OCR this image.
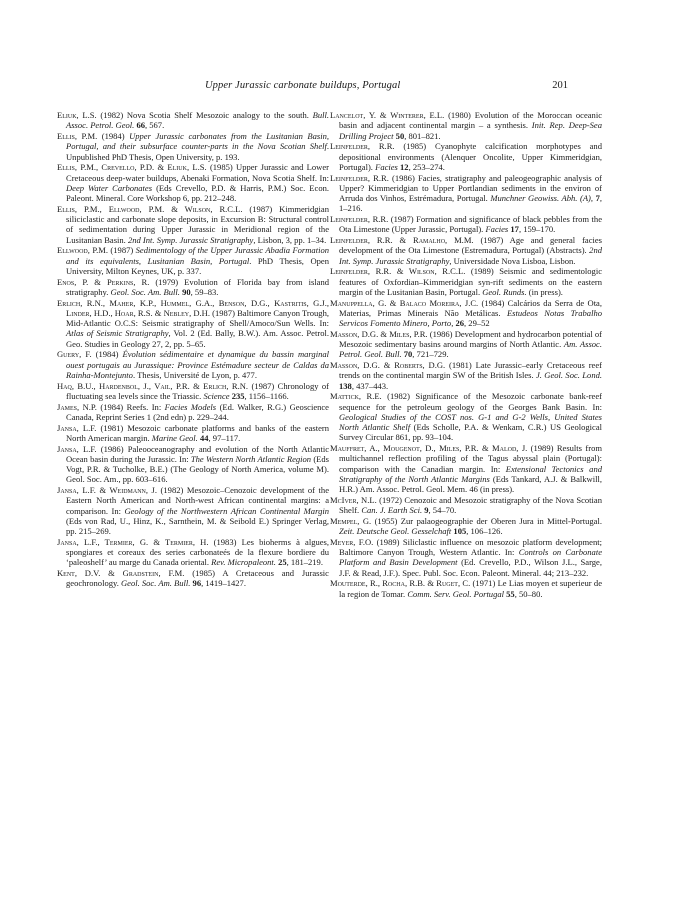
Upper Jurassic carbonate buildups, Portugal	201
Eliuk, L.S. (1982) Nova Scotia Shelf Mesozoic analogy to the south. Bull. Assoc. Petrol. Geol. 66, 567.
Ellis, P.M. (1984) Upper Jurassic carbonates from the Lusitanian Basin, Portugal, and their subsurface counter-parts in the Nova Scotian Shelf. Unpublished PhD Thesis, Open University, p. 193.
Ellis, P.M., Crevello, P.D. & Eliuk, L.S. (1985) Upper Jurassic and Lower Cretaceous deep-water buildups, Abenaki Formation, Nova Scotia Shelf. In: Deep Water Carbonates (Eds Crevello, P.D. & Harris, P.M.) Soc. Econ. Paleont. Mineral. Core Workshop 6, pp. 212–248.
Ellis, P.M., Ellwood, P.M. & Wilson, R.C.L. (1987) Kimmeridgian siliciclastic and carbonate slope deposits, in Excursion B: Structural control of sedimentation during Upper Jurassic in Meridional region of the Lusitanian Basin. 2nd Int. Symp. Jurassic Stratigraphy, Lisbon, 3, pp. 1–34.
Ellwood, P.M. (1987) Sedimentology of the Upper Jurassic Abadia Formation and its equivalents, Lusitanian Basin, Portugal. PhD Thesis, Open University, Milton Keynes, UK, p. 337.
Enos, P. & Perkins, R. (1979) Evolution of Florida bay from island stratigraphy. Geol. Soc. Am. Bull. 90, 59–83.
Erlich, R.N., Maher, K.P., Hummel, G.A., Benson, D.G., Kastritis, G.J., Linder, H.D., Hoar, R.S. & Nebley, D.H. (1987) Baltimore Canyon Trough, Mid-Atlantic O.C.S: Seismic stratigraphy of Shell/Amoco/Sun Wells. In: Atlas of Seismic Stratigraphy, Vol. 2 (Ed. Bally, B.W.). Am. Assoc. Petrol. Geo. Studies in Geology 27, 2, pp. 5–65.
Guery, F. (1984) Évolution sédimentaire et dynamique du bassin marginal ouest portugais au Jurassique: Province Estémadure secteur de Caldas da Rainha-Montejunto. Thesis, Université de Lyon, p. 477.
Haq, B.U., Hardenbol, J., Vail, P.R. & Erlich, R.N. (1987) Chronology of fluctuating sea levels since the Triassic. Science 235, 1156–1166.
James, N.P. (1984) Reefs. In: Facies Models (Ed. Walker, R.G.) Geoscience Canada, Reprint Series 1 (2nd edn) p. 229–244.
Jansa, L.F. (1981) Mesozoic carbonate platforms and banks of the eastern North American margin. Marine Geol. 44, 97–117.
Jansa, L.F. (1986) Paleooceanography and evolution of the North Atlantic Ocean basin during the Jurassic. In: The Western North Atlantic Region (Eds Vogt, P.R. & Tucholke, B.E.) (The Geology of North America, volume M). Geol. Soc. Am., pp. 603–616.
Jansa, L.F. & Weidmann, J. (1982) Mesozoic–Cenozoic development of the Eastern North American and North-west African continental margins: a comparison. In: Geology of the Northwestern African Continental Margin (Eds von Rad, U., Hinz, K., Sarnthein, M. & Seibold E.) Springer Verlag, pp. 215–269.
Jansa, L.F., Termier, G. & Termier, H. (1983) Les bioherms à algues, spongiares et coreaux des series carbonateés de la flexure bordiere du ‘paleoshelf’ au marge du Canada oriental. Rev. Micropaleont. 25, 181–219.
Kent, D.V. & Gradstein, F.M. (1985) A Cretaceous and Jurassic geochronology. Geol. Soc. Am. Bull. 96, 1419–1427.
Lancelot, Y. & Winterer, E.L. (1980) Evolution of the Moroccan oceanic basin and adjacent continental margin – a synthesis. Init. Rep. Deep-Sea Drilling Project 50, 801–821.
Leinfelder, R.R. (1985) Cyanophyte calcification morphotypes and depositional environments (Alenquer Oncolite, Upper Kimmeridgian, Portugal). Facies 12, 253–274.
Leinfelder, R.R. (1986) Facies, stratigraphy and paleogeographic analysis of Upper? Kimmeridgian to Upper Portlandian sediments in the environ of Arruda dos Vinhos, Estrémadura, Portugal. Munchner Geowiss. Abh. (A), 7, 1–216.
Leinfelder, R.R. (1987) Formation and significance of black pebbles from the Ota Limestone (Upper Jurassic, Portugal). Facies 17, 159–170.
Leinfelder, R.R. & Ramalho, M.M. (1987) Age and general facies development of the Ota Limestone (Estremadura, Portugal) (Abstracts). 2nd Int. Symp. Jurassic Stratigraphy, Universidade Nova Lisboa, Lisbon.
Leinfelder, R.R. & Wilson, R.C.L. (1989) Seismic and sedimentologic features of Oxfordian–Kimmeridgian syn-rift sediments on the eastern margin of the Lusitanian Basin, Portugal. Geol. Runds. (in press).
Manuppella, G. & Balaco Moreira, J.C. (1984) Calcários da Serra de Ota, Materias, Primas Minerais Não Metálicas. Estudeos Notas Trabalho Servicos Fomento Minero, Porto, 26, 29–52
Masson, D.G. & Miles, P.R. (1986) Development and hydrocarbon potential of Mesozoic sedimentary basins around margins of North Atlantic. Am. Assoc. Petrol. Geol. Bull. 70, 721–729.
Masson, D.G. & Roberts, D.G. (1981) Late Jurassic–early Cretaceous reef trends on the continental margin SW of the British Isles. J. Geol. Soc. Lond. 138, 437–443.
Mattick, R.E. (1982) Significance of the Mesozoic carbonate bank-reef sequence for the petroleum geology of the Georges Bank Basin. In: Geological Studies of the COST nos. G-1 and G-2 Wells, United States North Atlantic Shelf (Eds Scholle, P.A. & Wenkam, C.R.) US Geological Survey Circular 861, pp. 93–104.
Mauffret, A., Mougenot, D., Miles, P.R. & Malod, J. (1989) Results from multichannel reflection profiling of the Tagus abyssal plain (Portugal): comparison with the Canadian margin. In: Extensional Tectonics and Stratigraphy of the North Atlantic Margins (Eds Tankard, A.J. & Balkwill, H.R.) Am. Assoc. Petrol. Geol. Mem. 46 (in press).
McIver, N.L. (1972) Cenozoic and Mesozoic stratigraphy of the Nova Scotian Shelf. Can. J. Earth Sci. 9, 54–70.
Mempel, G. (1955) Zur palaogeographie der Oberen Jura in Mittel-Portugal. Zeit. Deutsche Geol. Gesselchaft 105, 106–126.
Meyer, F.O. (1989) Siliclastic influence on mesozoic platform development; Baltimore Canyon Trough, Western Atlantic. In: Controls on Carbonate Platform and Basin Development (Ed. Crevello, P.D., Wilson J.L., Sarge, J.F. & Read, J.F.). Spec. Publ. Soc. Econ. Paleont. Mineral. 44; 213–232.
Mouterde, R., Rocha, R.B. & Ruget, C. (1971) Le Lias moyen et superieur de la region de Tomar. Comm. Serv. Geol. Portugal 55, 50–80.
